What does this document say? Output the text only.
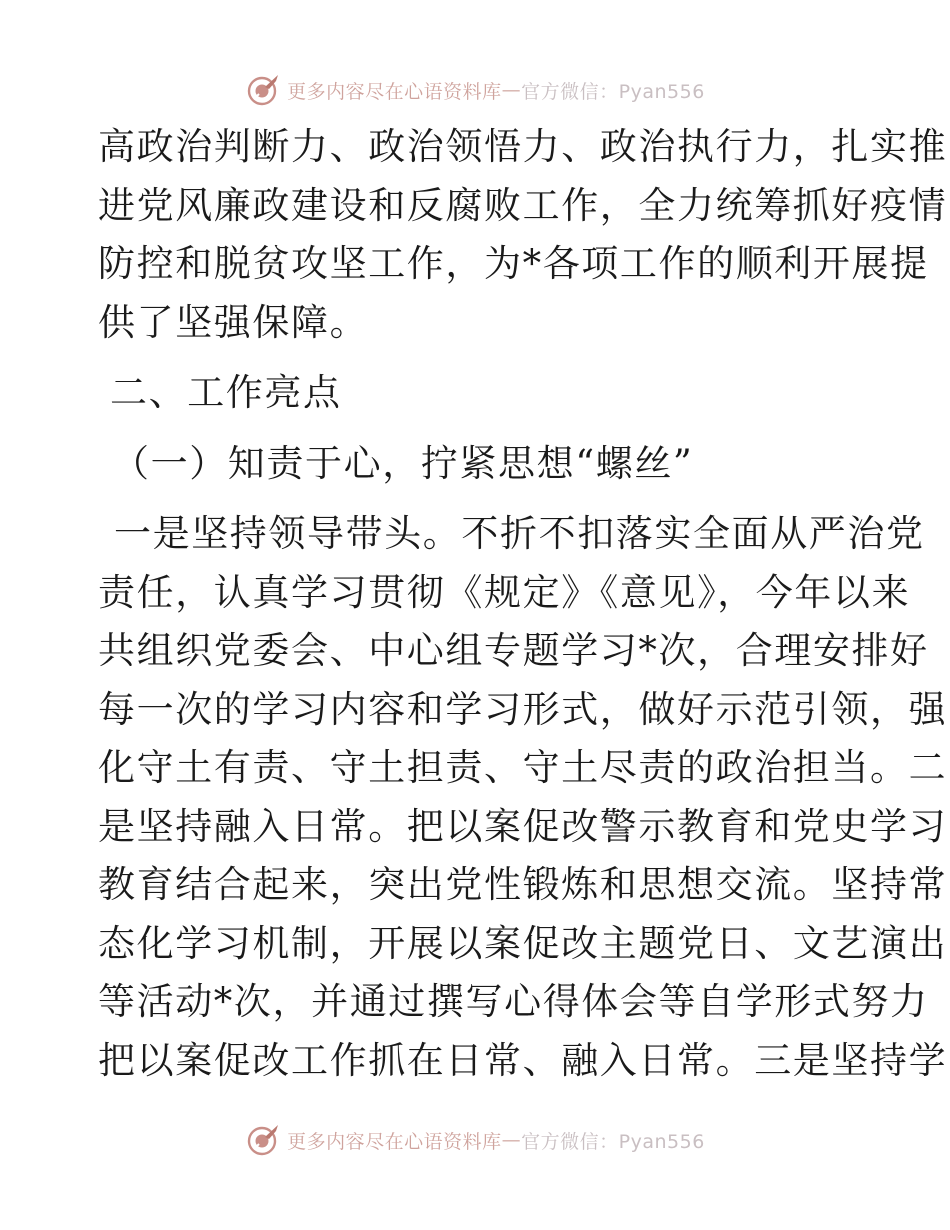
更多内容尽在心语资料库 — 官方微信：Pyan556
高政治判断力、政治领悟力、政治执行力，扎实推
进党风廉政建设和反腐败工作，全力统筹抓好疫情
防控和脱贫攻坚工作，为*各项工作的顺利开展提
供了坚强保障。
二、工作亮点
（一）知责于心，拧紧思想“螺丝”
一是坚持领导带头。不折不扣落实全面从严治党
责任，认真学习贯彻《规定》《意见》，今年以来
共组织党委会、中心组专题学习*次，合理安排好
每一次的学习内容和学习形式，做好示范引领，强
化守土有责、守土担责、守土尽责的政治担当。二
是坚持融入日常。把以案促改警示教育和党史学习
教育结合起来，突出党性锻炼和思想交流。坚持常
态化学习机制，开展以案促改主题党日、文艺演出
等活动*次，并通过撰写心得体会等自学形式努力
把以案促改工作抓在日常、融入日常。三是坚持学
更多内容尽在心语资料库 — 官方微信：Pyan556
